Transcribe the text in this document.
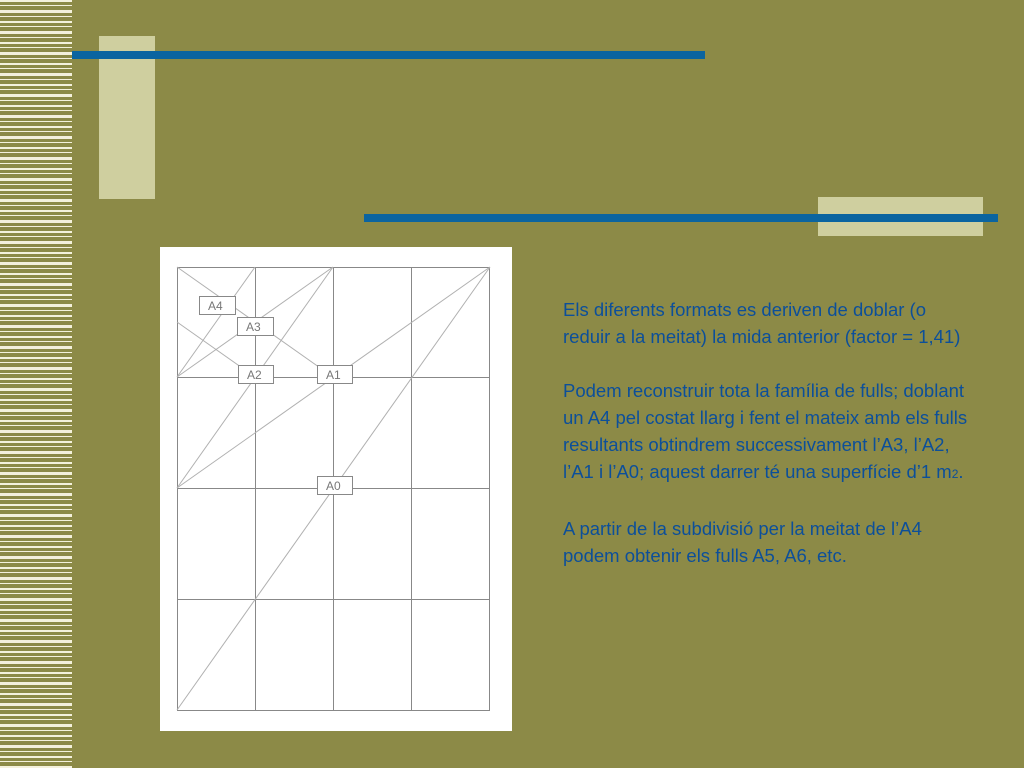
A4
A3
A2	A1
A0

Els diferents formats es deriven de doblar (o reduir a la meitat) la mida anterior (factor = 1,41)

Podem reconstruir tota la família de fulls; doblant un A4 pel costat llarg i fent el mateix amb els fulls resultants obtindrem successivament l’A3, l’A2, l’A1 i l’A0; aquest darrer té una superfície d’1 m2.

A partir de la subdivisió per la meitat de l’A4 podem obtenir els fulls A5, A6, etc.
